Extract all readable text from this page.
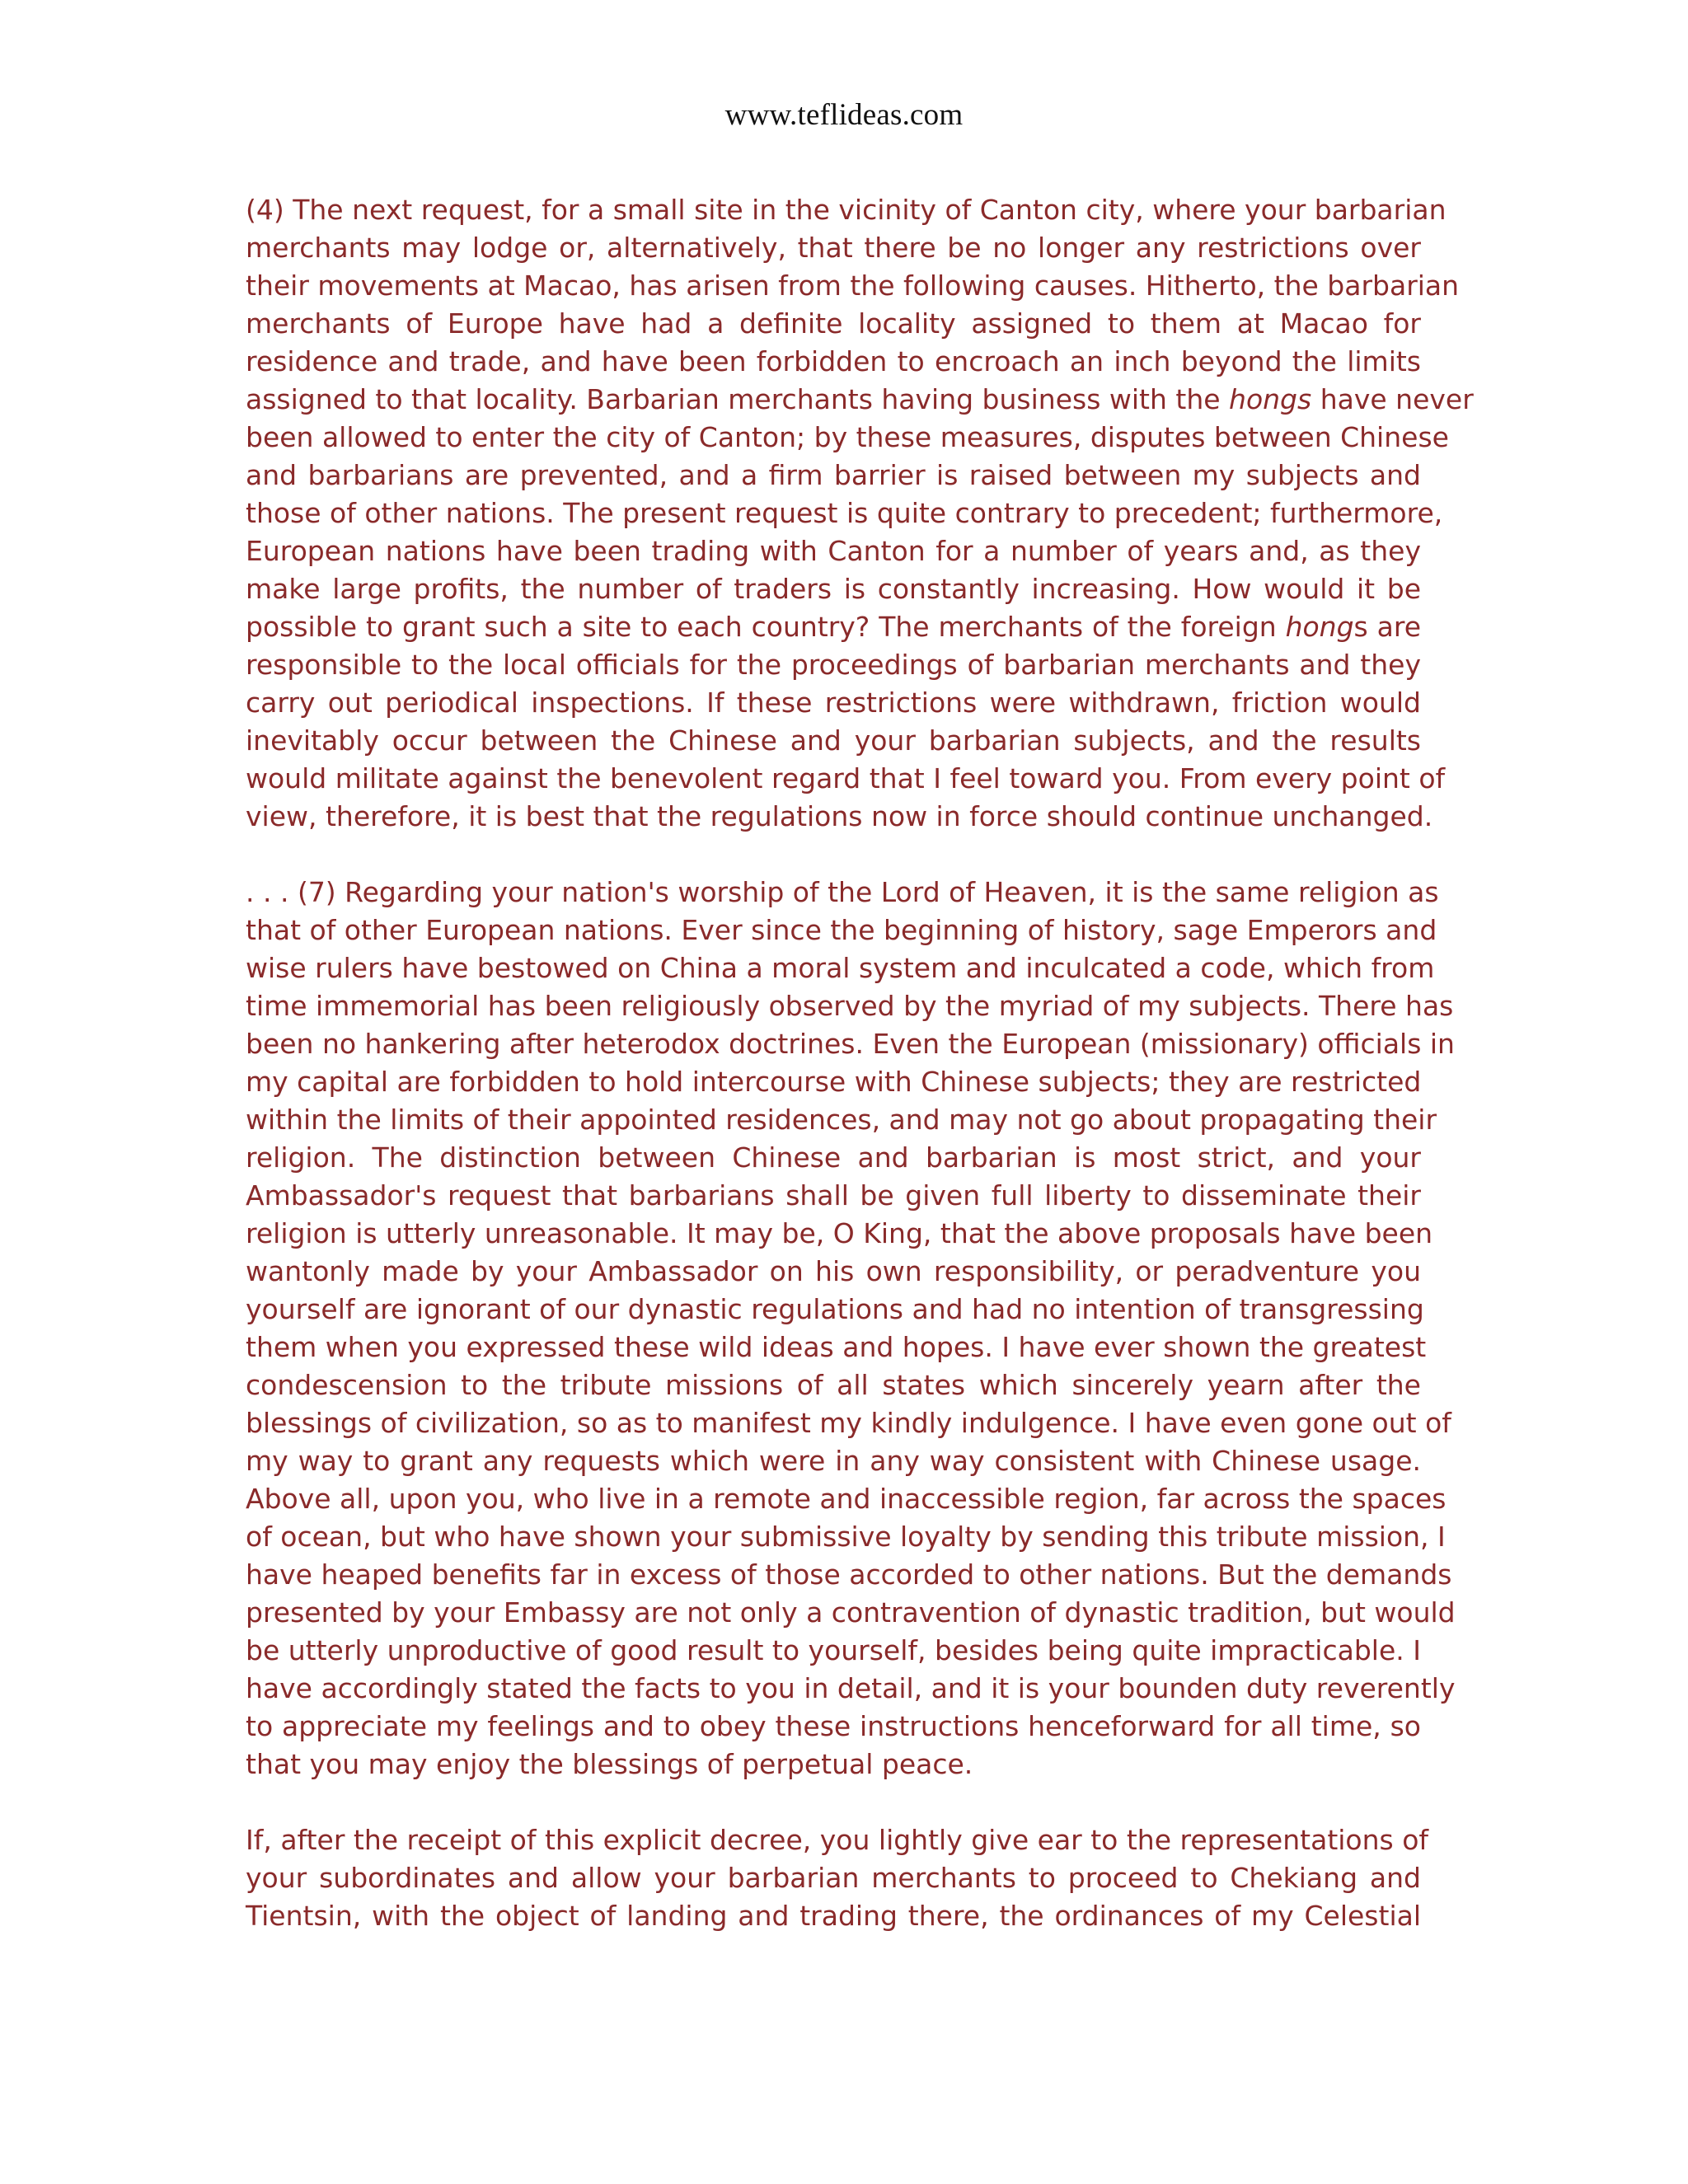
www.teflideas.com
(4) The next request, for a small site in the vicinity of Canton city, where your barbarian
merchants may lodge or, alternatively, that there be no longer any restrictions over
their movements at Macao, has arisen from the following causes. Hitherto, the barbarian
merchants of Europe have had a definite locality assigned to them at Macao for
residence and trade, and have been forbidden to encroach an inch beyond the limits
assigned to that locality. Barbarian merchants having business with the hongs have never
been allowed to enter the city of Canton; by these measures, disputes between Chinese
and barbarians are prevented, and a firm barrier is raised between my subjects and
those of other nations. The present request is quite contrary to precedent; furthermore,
European nations have been trading with Canton for a number of years and, as they
make large profits, the number of traders is constantly increasing. How would it be
possible to grant such a site to each country? The merchants of the foreign hongs are
responsible to the local officials for the proceedings of barbarian merchants and they
carry out periodical inspections. If these restrictions were withdrawn, friction would
inevitably occur between the Chinese and your barbarian subjects, and the results
would militate against the benevolent regard that I feel toward you. From every point of
view, therefore, it is best that the regulations now in force should continue unchanged.
. . . (7) Regarding your nation's worship of the Lord of Heaven, it is the same religion as
that of other European nations. Ever since the beginning of history, sage Emperors and
wise rulers have bestowed on China a moral system and inculcated a code, which from
time immemorial has been religiously observed by the myriad of my subjects. There has
been no hankering after heterodox doctrines. Even the European (missionary) officials in
my capital are forbidden to hold intercourse with Chinese subjects; they are restricted
within the limits of their appointed residences, and may not go about propagating their
religion. The distinction between Chinese and barbarian is most strict, and your
Ambassador's request that barbarians shall be given full liberty to disseminate their
religion is utterly unreasonable. It may be, O King, that the above proposals have been
wantonly made by your Ambassador on his own responsibility, or peradventure you
yourself are ignorant of our dynastic regulations and had no intention of transgressing
them when you expressed these wild ideas and hopes. I have ever shown the greatest
condescension to the tribute missions of all states which sincerely yearn after the
blessings of civilization, so as to manifest my kindly indulgence. I have even gone out of
my way to grant any requests which were in any way consistent with Chinese usage.
Above all, upon you, who live in a remote and inaccessible region, far across the spaces
of ocean, but who have shown your submissive loyalty by sending this tribute mission, I
have heaped benefits far in excess of those accorded to other nations. But the demands
presented by your Embassy are not only a contravention of dynastic tradition, but would
be utterly unproductive of good result to yourself, besides being quite impracticable. I
have accordingly stated the facts to you in detail, and it is your bounden duty reverently
to appreciate my feelings and to obey these instructions henceforward for all time, so
that you may enjoy the blessings of perpetual peace.
If, after the receipt of this explicit decree, you lightly give ear to the representations of
your subordinates and allow your barbarian merchants to proceed to Chekiang and
Tientsin, with the object of landing and trading there, the ordinances of my Celestial
